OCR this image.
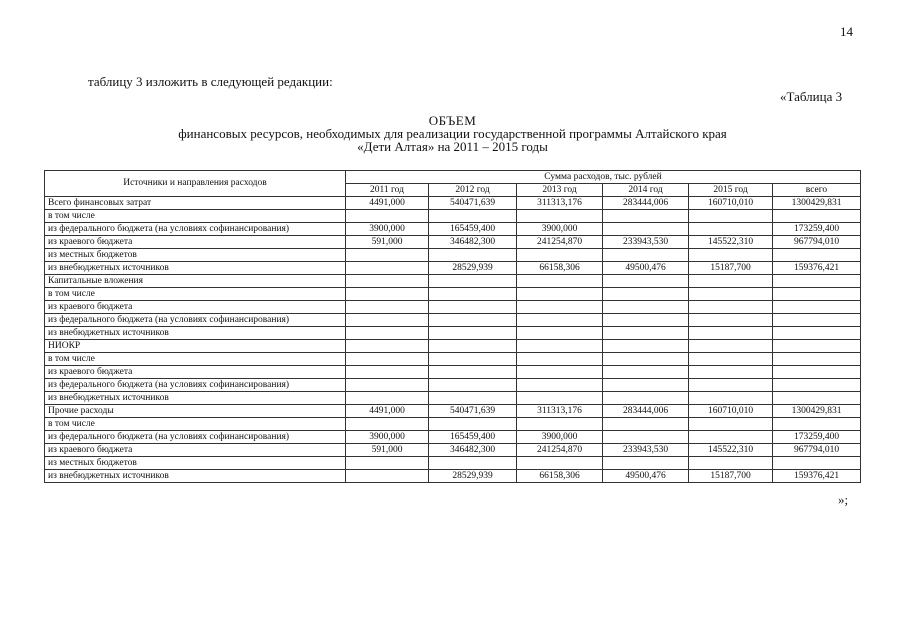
14
таблицу 3 изложить в следующей редакции:
«Таблица 3
ОБЪЕМ
финансовых ресурсов, необходимых для реализации государственной программы Алтайского края
«Дети Алтая» на 2011 – 2015 годы
Источники и направления расходов	Сумма расходов, тыс. рублей					
	2011 год	2012 год	2013 год	2014 год	2015 год	всего
Всего финансовых затрат	4491,000	540471,639	311313,176	283444,006	160710,010	1300429,831
в том числе						
из федерального бюджета (на условиях софинансирования)	3900,000	165459,400	3900,000			173259,400
из краевого бюджета	591,000	346482,300	241254,870	233943,530	145522,310	967794,010
из местных бюджетов						
из внебюджетных источников		28529,939	66158,306	49500,476	15187,700	159376,421
Капитальные вложения						
в том числе						
из краевого бюджета						
из федерального бюджета (на условиях софинансирования)						
из внебюджетных источников						
НИОКР						
в том числе						
из краевого бюджета						
из федерального бюджета (на условиях софинансирования)						
из внебюджетных источников						
Прочие расходы	4491,000	540471,639	311313,176	283444,006	160710,010	1300429,831
в том числе						
из федерального бюджета (на условиях софинансирования)	3900,000	165459,400	3900,000			173259,400
из краевого бюджета	591,000	346482,300	241254,870	233943,530	145522,310	967794,010
из местных бюджетов						
из внебюджетных источников		28529,939	66158,306	49500,476	15187,700	159376,421
»;
